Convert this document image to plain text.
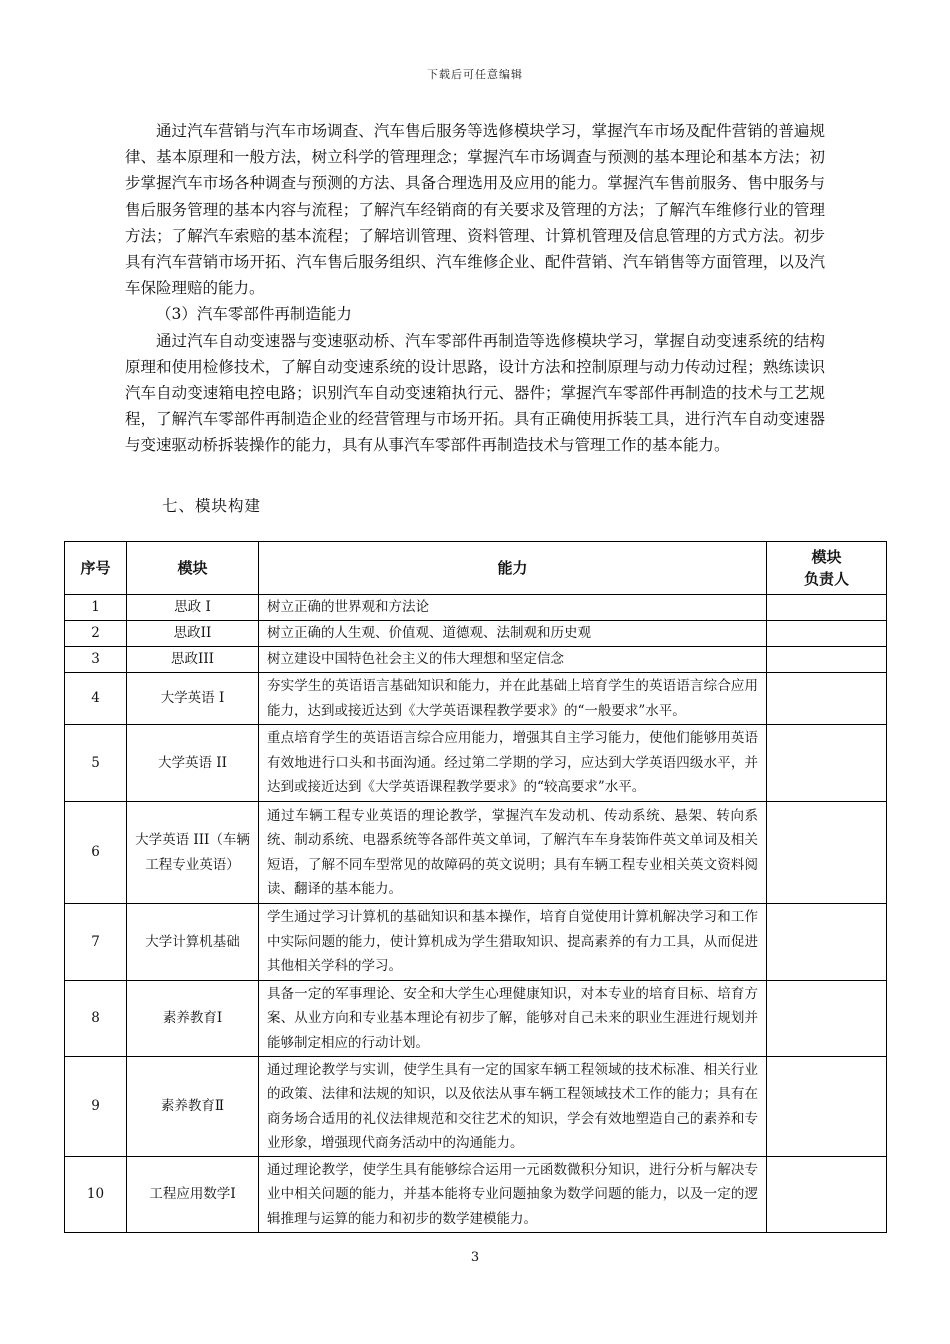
下载后可任意编辑

通过汽车营销与汽车市场调查、汽车售后服务等选修模块学习，掌握汽车市场及配件营销的普遍规律、基本原理和一般方法，树立科学的管理理念；掌握汽车市场调查与预测的基本理论和基本方法；初步掌握汽车市场各种调查与预测的方法、具备合理选用及应用的能力。掌握汽车售前服务、售中服务与售后服务管理的基本内容与流程；了解汽车经销商的有关要求及管理的方法；了解汽车维修行业的管理方法；了解汽车索赔的基本流程；了解培训管理、资料管理、计算机管理及信息管理的方式方法。初步具有汽车营销市场开拓、汽车售后服务组织、汽车维修企业、配件营销、汽车销售等方面管理，以及汽车保险理赔的能力。

（3）汽车零部件再制造能力

通过汽车自动变速器与变速驱动桥、汽车零部件再制造等选修模块学习，掌握自动变速系统的结构原理和使用检修技术，了解自动变速系统的设计思路，设计方法和控制原理与动力传动过程；熟练读识汽车自动变速箱电控电路；识别汽车自动变速箱执行元、器件；掌握汽车零部件再制造的技术与工艺规程，了解汽车零部件再制造企业的经营管理与市场开拓。具有正确使用拆装工具，进行汽车自动变速器与变速驱动桥拆装操作的能力，具有从事汽车零部件再制造技术与管理工作的基本能力。

七、模块构建
序号	模块	能力	模块
负责人

1	思政 I	树立正确的世界观和方法论	
2	思政II	树立正确的人生观、价值观、道德观、法制观和历史观	
3	思政III	树立建设中国特色社会主义的伟大理想和坚定信念	
4	大学英语 I	夯实学生的英语语言基础知识和能力，并在此基础上培育学生的英语语言综合应用能力，达到或接近达到《大学英语课程教学要求》的“一般要求”水平。	
5	大学英语 II	重点培育学生的英语语言综合应用能力，增强其自主学习能力，使他们能够用英语有效地进行口头和书面沟通。经过第二学期的学习，应达到大学英语四级水平，并达到或接近达到《大学英语课程教学要求》的“较高要求”水平。	
6	大学英语 III（车辆工程专业英语）	通过车辆工程专业英语的理论教学，掌握汽车发动机、传动系统、悬架、转向系统、制动系统、电器系统等各部件英文单词，了解汽车车身装饰件英文单词及相关短语，了解不同车型常见的故障码的英文说明；具有车辆工程专业相关英文资料阅读、翻译的基本能力。	
7	大学计算机基础	学生通过学习计算机的基础知识和基本操作，培育自觉使用计算机解决学习和工作中实际问题的能力，使计算机成为学生猎取知识、提高素养的有力工具，从而促进其他相关学科的学习。	
8	素养教育Ⅰ	具备一定的军事理论、安全和大学生心理健康知识，对本专业的培育目标、培育方案、从业方向和专业基本理论有初步了解，能够对自己未来的职业生涯进行规划并能够制定相应的行动计划。	
9	素养教育Ⅱ	通过理论教学与实训，使学生具有一定的国家车辆工程领域的技术标准、相关行业的政策、法律和法规的知识，以及依法从事车辆工程领域技术工作的能力；具有在商务场合适用的礼仪法律规范和交往艺术的知识，学会有效地塑造自己的素养和专业形象，增强现代商务活动中的沟通能力。	
10	工程应用数学Ⅰ	通过理论教学，使学生具有能够综合运用一元函数微积分知识，进行分析与解决专业中相关问题的能力，并基本能将专业问题抽象为数学问题的能力，以及一定的逻辑推理与运算的能力和初步的数学建模能力。	
3
